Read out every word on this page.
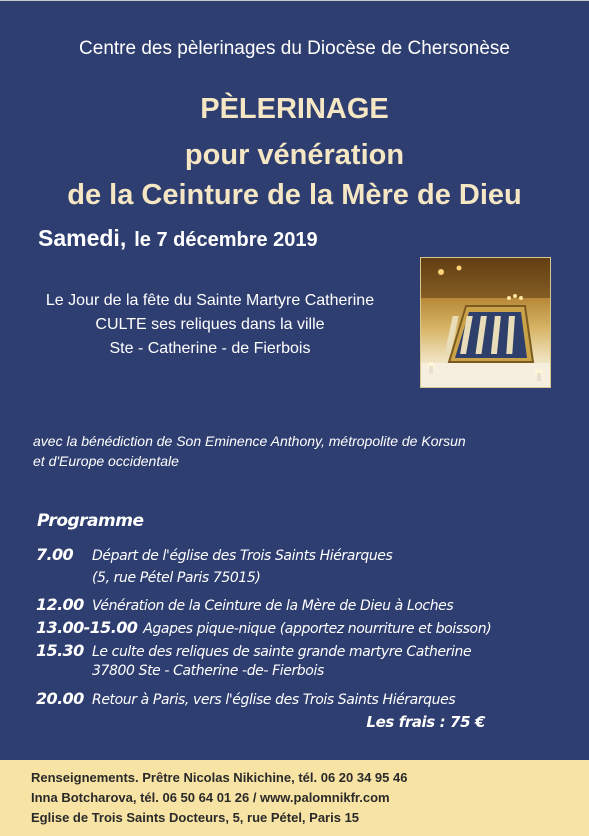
Centre des pèlerinages du Diocèse de Chersonèse
PÈLERINAGE
pour vénération
de la Ceinture de la Mère de Dieu
Samedi, le 7 décembre 2019
Le Jour de la fête du Sainte Martyre Catherine
CULTE ses reliques dans la ville
Ste - Catherine - de Fierbois
avec la bénédiction de Son Eminence Anthony, métropolite de Korsun
et d'Europe occidentale
Programme
7.00 Départ de l'église des Trois Saints Hiérarques
(5, rue Pétel Paris 75015)
12.00 Vénération de la Ceinture de la Mère de Dieu à Loches
13.00-15.00 Agapes pique-nique (apportez nourriture et boisson)
15.30 Le culte des reliques de sainte grande martyre Catherine
37800 Ste - Catherine -de- Fierbois
20.00 Retour à Paris, vers l'église des Trois Saints Hiérarques
Les frais : 75 €
Renseignements. Prêtre Nicolas Nikichine, tél. 06 20 34 95 46
Inna Botcharova, tél. 06 50 64 01 26 / www.palomnikfr.com
Eglise de Trois Saints Docteurs, 5, rue Pétel, Paris 15
